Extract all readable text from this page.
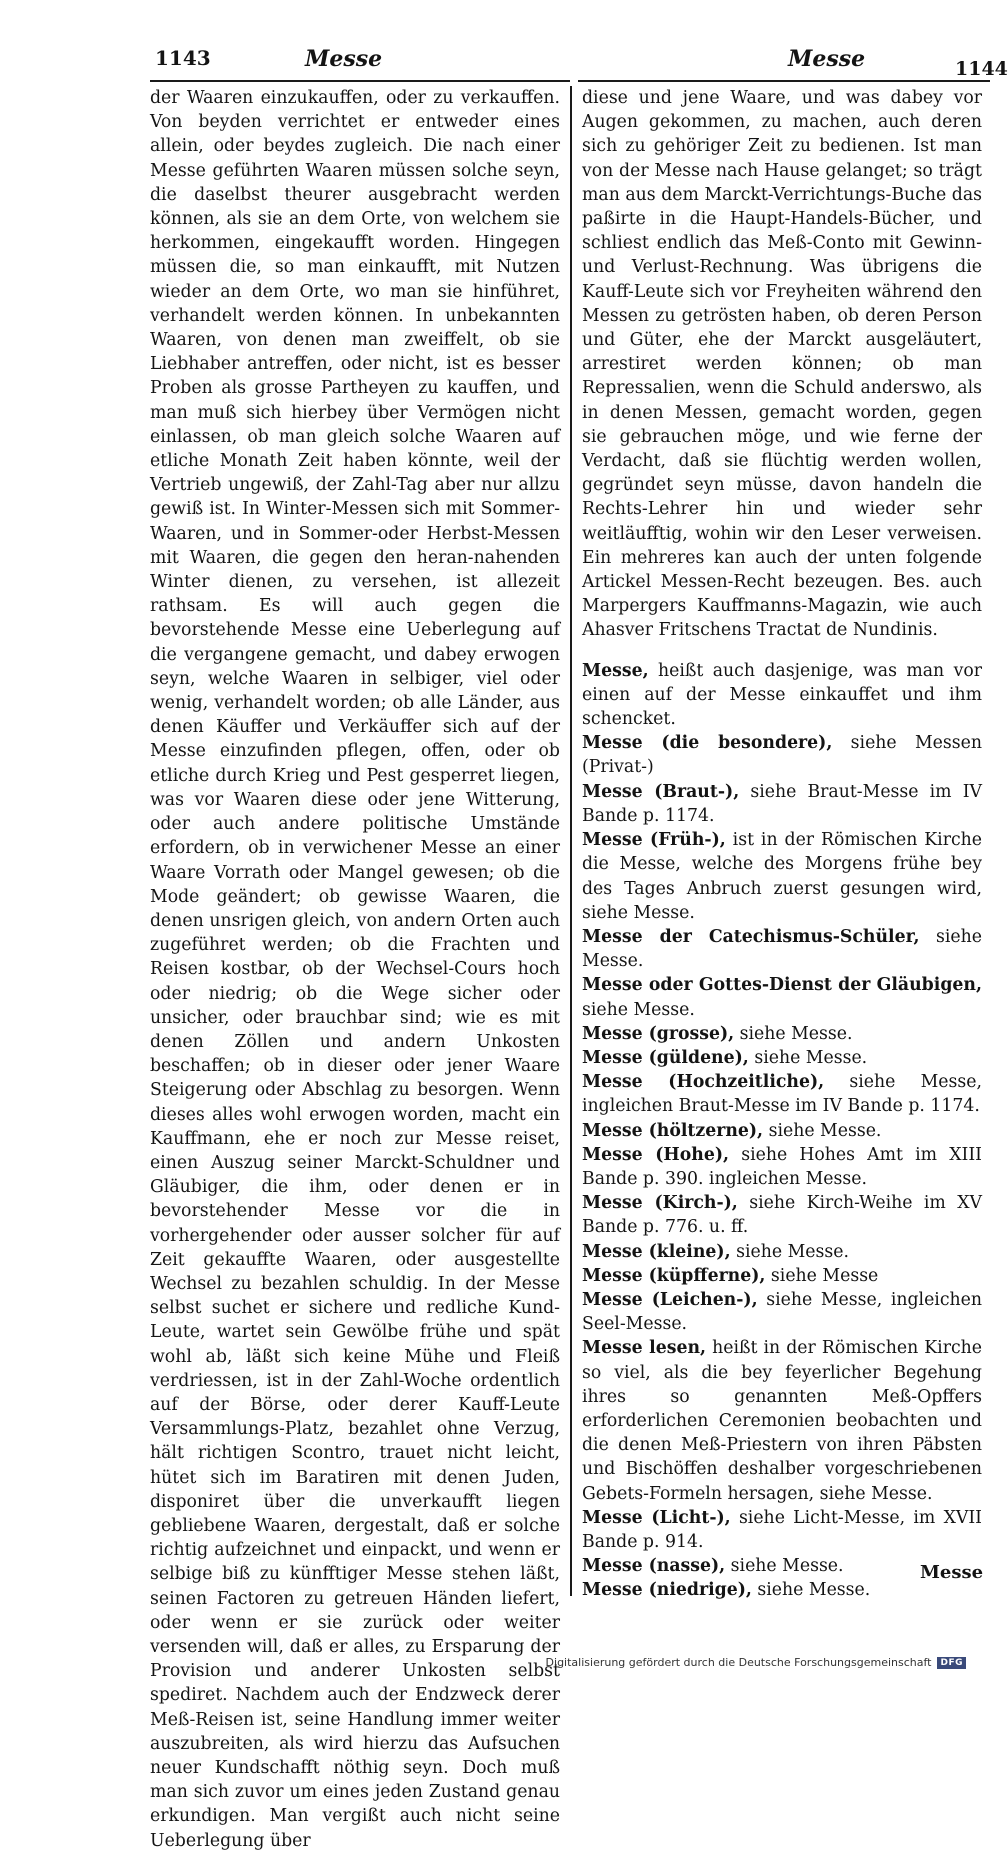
1143	Messe	Messe	1144

der Waaren einzukauffen, oder zu verkauffen. Von beyden verrichtet er entweder eines allein, oder beydes zugleich. Die nach einer Messe geführten Waaren müssen solche seyn, die daselbst theurer ausgebracht werden können, als sie an dem Orte, von welchem sie herkommen, eingekaufft worden. Hingegen müssen die, so man einkaufft, mit Nutzen wieder an dem Orte, wo man sie hinführet, verhandelt werden können. In unbekannten Waaren, von denen man zweiffelt, ob sie Liebhaber antreffen, oder nicht, ist es besser Proben als grosse Partheyen zu kauffen, und man muß sich hierbey über Vermögen nicht einlassen, ob man gleich solche Waaren auf etliche Monath Zeit haben könnte, weil der Vertrieb ungewiß, der Zahl-Tag aber nur allzu gewiß ist. In Winter-Messen sich mit Sommer-Waaren, und in Sommer-oder Herbst-Messen mit Waaren, die gegen den heran-nahenden Winter dienen, zu versehen, ist allezeit rathsam. Es will auch gegen die bevorstehende Messe eine Ueberlegung auf die vergangene gemacht, und dabey erwogen seyn, welche Waaren in selbiger, viel oder wenig, verhandelt worden; ob alle Länder, aus denen Käuffer und Verkäuffer sich auf der Messe einzufinden pflegen, offen, oder ob etliche durch Krieg und Pest gesperret liegen, was vor Waaren diese oder jene Witterung, oder auch andere politische Umstände erfordern, ob in verwichener Messe an einer Waare Vorrath oder Mangel gewesen; ob die Mode geändert; ob gewisse Waaren, die denen unsrigen gleich, von andern Orten auch zugeführet werden; ob die Frachten und Reisen kostbar, ob der Wechsel-Cours hoch oder niedrig; ob die Wege sicher oder unsicher, oder brauchbar sind; wie es mit denen Zöllen und andern Unkosten beschaffen; ob in dieser oder jener Waare Steigerung oder Abschlag zu besorgen. Wenn dieses alles wohl erwogen worden, macht ein Kauffmann, ehe er noch zur Messe reiset, einen Auszug seiner Marckt-Schuldner und Gläubiger, die ihm, oder denen er in bevorstehender Messe vor die in vorhergehender oder ausser solcher für auf Zeit gekauffte Waaren, oder ausgestellte Wechsel zu bezahlen schuldig. In der Messe selbst suchet er sichere und redliche Kund-Leute, wartet sein Gewölbe frühe und spät wohl ab, läßt sich keine Mühe und Fleiß verdriessen, ist in der Zahl-Woche ordentlich auf der Börse, oder derer Kauff-Leute Versammlungs-Platz, bezahlet ohne Verzug, hält richtigen Scontro, trauet nicht leicht, hütet sich im Baratiren mit denen Juden, disponiret über die unverkaufft liegen gebliebene Waaren, dergestalt, daß er solche richtig aufzeichnet und einpackt, und wenn er selbige biß zu künfftiger Messe stehen läßt, seinen Factoren zu getreuen Händen liefert, oder wenn er sie zurück oder weiter versenden will, daß er alles, zu Ersparung der Provision und anderer Unkosten selbst spediret. Nachdem auch der Endzweck derer Meß-Reisen ist, seine Handlung immer weiter auszubreiten, als wird hierzu das Aufsuchen neuer Kundschafft nöthig seyn. Doch muß man sich zuvor um eines jeden Zustand genau erkundigen. Man vergißt auch nicht seine Ueberlegung über

diese und jene Waare, und was dabey vor Augen gekommen, zu machen, auch deren sich zu gehöriger Zeit zu bedienen. Ist man von der Messe nach Hause gelanget; so trägt man aus dem Marckt-Verrichtungs-Buche das paßirte in die Haupt-Handels-Bücher, und schliest endlich das Meß-Conto mit Gewinn-und Verlust-Rechnung. Was übrigens die Kauff-Leute sich vor Freyheiten während den Messen zu getrösten haben, ob deren Person und Güter, ehe der Marckt ausgeläutert, arrestiret werden können; ob man Repressalien, wenn die Schuld anderswo, als in denen Messen, gemacht worden, gegen sie gebrauchen möge, und wie ferne der Verdacht, daß sie flüchtig werden wollen, gegründet seyn müsse, davon handeln die Rechts-Lehrer hin und wieder sehr weitläufftig, wohin wir den Leser verweisen. Ein mehreres kan auch der unten folgende Artickel Messen-Recht bezeugen. Bes. auch Marpergers Kauffmanns-Magazin, wie auch Ahasver Fritschens Tractat de Nundinis.

Messe, heißt auch dasjenige, was man vor einen auf der Messe einkauffet und ihm schencket.

Messe (die besondere), siehe Messen (Privat-)

Messe (Braut-), siehe Braut-Messe im IV Bande p. 1174.

Messe (Früh-), ist in der Römischen Kirche die Messe, welche des Morgens frühe bey des Tages Anbruch zuerst gesungen wird, siehe Messe.

Messe der Catechismus-Schüler, siehe Messe.

Messe oder Gottes-Dienst der Gläubigen, siehe Messe.

Messe (grosse), siehe Messe.

Messe (güldene), siehe Messe.

Messe (Hochzeitliche), siehe Messe, ingleichen Braut-Messe im IV Bande p. 1174.

Messe (höltzerne), siehe Messe.

Messe (Hohe), siehe Hohes Amt im XIII Bande p. 390. ingleichen Messe.

Messe (Kirch-), siehe Kirch-Weihe im XV Bande p. 776. u. ff.

Messe (kleine), siehe Messe.

Messe (küpfferne), siehe Messe

Messe (Leichen-), siehe Messe, ingleichen Seel-Messe.

Messe lesen, heißt in der Römischen Kirche so viel, als die bey feyerlicher Begehung ihres so genannten Meß-Opffers erforderlichen Ceremonien beobachten und die denen Meß-Priestern von ihren Päbsten und Bischöffen deshalber vorgeschriebenen Gebets-Formeln hersagen, siehe Messe.

Messe (Licht-), siehe Licht-Messe, im XVII Bande p. 914.

Messe (nasse), siehe Messe.

Messe (niedrige), siehe Messe.

Messe
Digitalisierung gefördert durch die Deutsche Forschungsgemeinschaft	DFG
